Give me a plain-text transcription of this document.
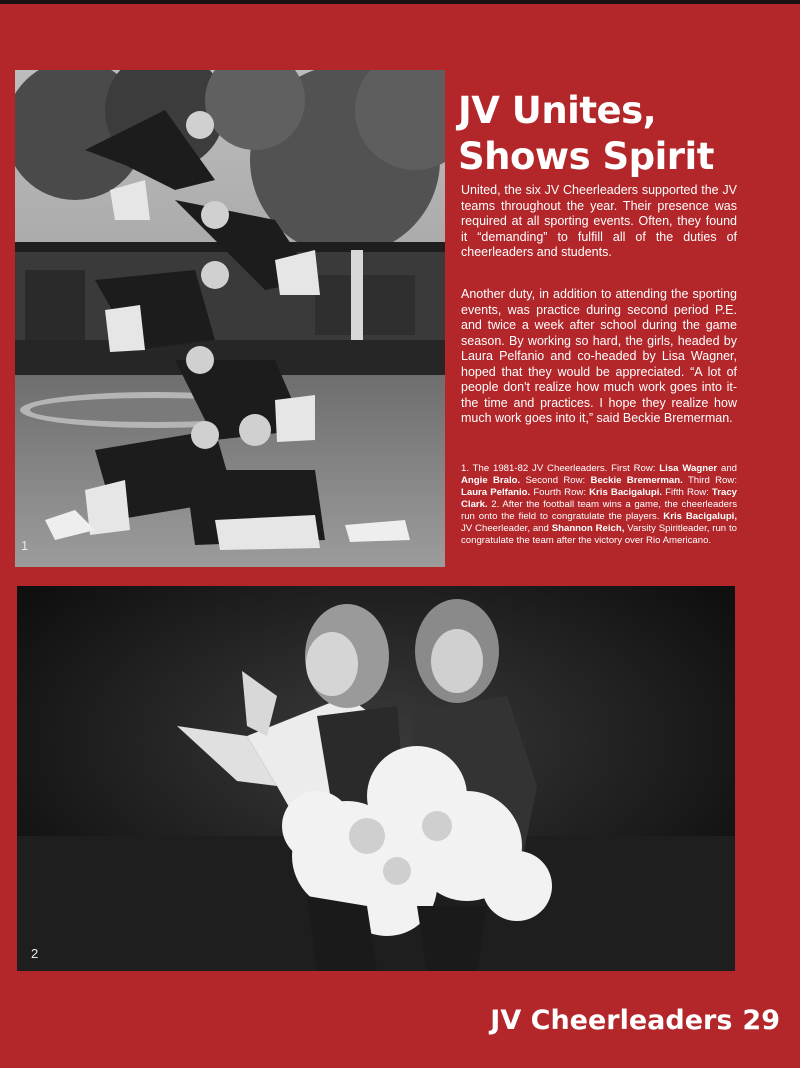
1
JV Unites,
Shows Spirit
United, the six JV Cheerleaders supported the JV teams throughout the year. Their presence was required at all sporting events. Often, they found it “demanding” to fulfill all of the duties of cheerleaders and students.
Another duty, in addition to attending the sporting events, was practice during second period P.E. and twice a week after school during the game season. By working so hard, the girls, headed by Laura Pelfanio and co-headed by Lisa Wagner, hoped that they would be appreciated. “A lot of people don't realize how much work goes into it-the time and practices. I hope they realize how much work goes into it,” said Beckie Bremerman.
1. The 1981-82 JV Cheerleaders. First Row: Lisa Wagner and Angie Bralo. Second Row: Beckie Bremerman. Third Row: Laura Pelfanio. Fourth Row: Kris Bacigalupi. Fifth Row: Tracy Clark. 2. After the football team wins a game, the cheerleaders run onto the field to congratulate the players. Kris Bacigalupi, JV Cheerleader, and Shannon Reich, Varsity Spiritleader, run to congratulate the team after the victory over Rio Americano.
2
JV Cheerleaders 29
